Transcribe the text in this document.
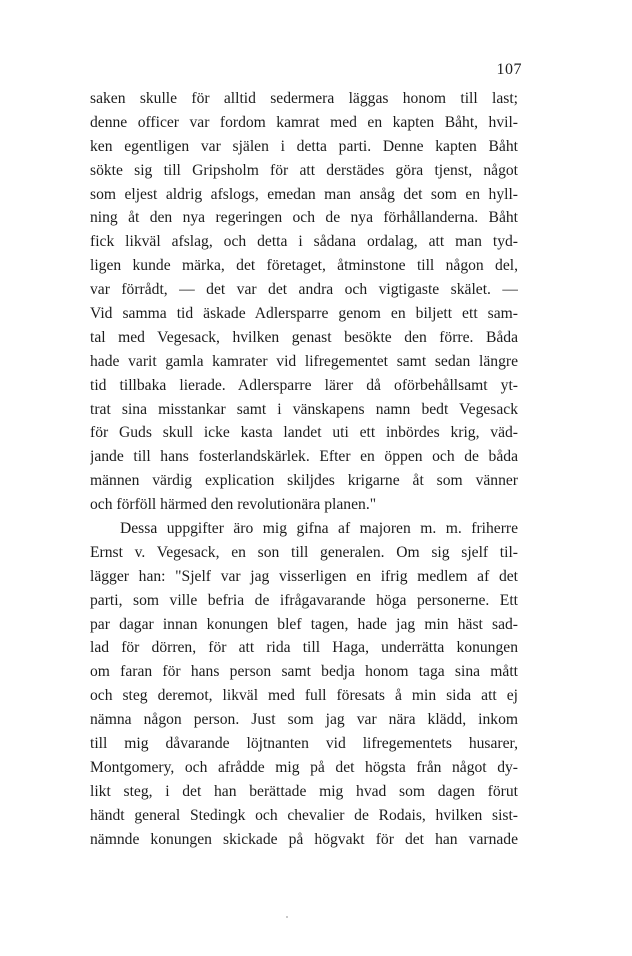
107
saken skulle för alltid sedermera läggas honom till last;
denne officer var fordom kamrat med en kapten Båht, hvil-
ken egentligen var själen i detta parti. Denne kapten Båht
sökte sig till Gripsholm för att derstädes göra tjenst, något
som eljest aldrig afslogs, emedan man ansåg det som en hyll-
ning åt den nya regeringen och de nya förhållanderna. Båht
fick likväl afslag, och detta i sådana ordalag, att man tyd-
ligen kunde märka, det företaget, åtminstone till någon del,
var förrådt, — det var det andra och vigtigaste skälet. —
Vid samma tid äskade Adlersparre genom en biljett ett sam-
tal med Vegesack, hvilken genast besökte den förre. Båda
hade varit gamla kamrater vid lifregementet samt sedan längre
tid tillbaka lierade. Adlersparre lärer då oförbehållsamt yt-
trat sina misstankar samt i vänskapens namn bedt Vegesack
för Guds skull icke kasta landet uti ett inbördes krig, väd-
jande till hans fosterlandskärlek. Efter en öppen och de båda
männen värdig explication skiljdes krigarne åt som vänner
och förföll härmed den revolutionära planen."
Dessa uppgifter äro mig gifna af majoren m. m. friherre
Ernst v. Vegesack, en son till generalen. Om sig sjelf til-
lägger han: "Sjelf var jag visserligen en ifrig medlem af det
parti, som ville befria de ifrågavarande höga personerne. Ett
par dagar innan konungen blef tagen, hade jag min häst sad-
lad för dörren, för att rida till Haga, underrätta konungen
om faran för hans person samt bedja honom taga sina mått
och steg deremot, likväl med full föresats å min sida att ej
nämna någon person. Just som jag var nära klädd, inkom
till mig dåvarande löjtnanten vid lifregementets husarer,
Montgomery, och afrådde mig på det högsta från något dy-
likt steg, i det han berättade mig hvad som dagen förut
händt general Stedingk och chevalier de Rodais, hvilken sist-
nämnde konungen skickade på högvakt för det han varnade
